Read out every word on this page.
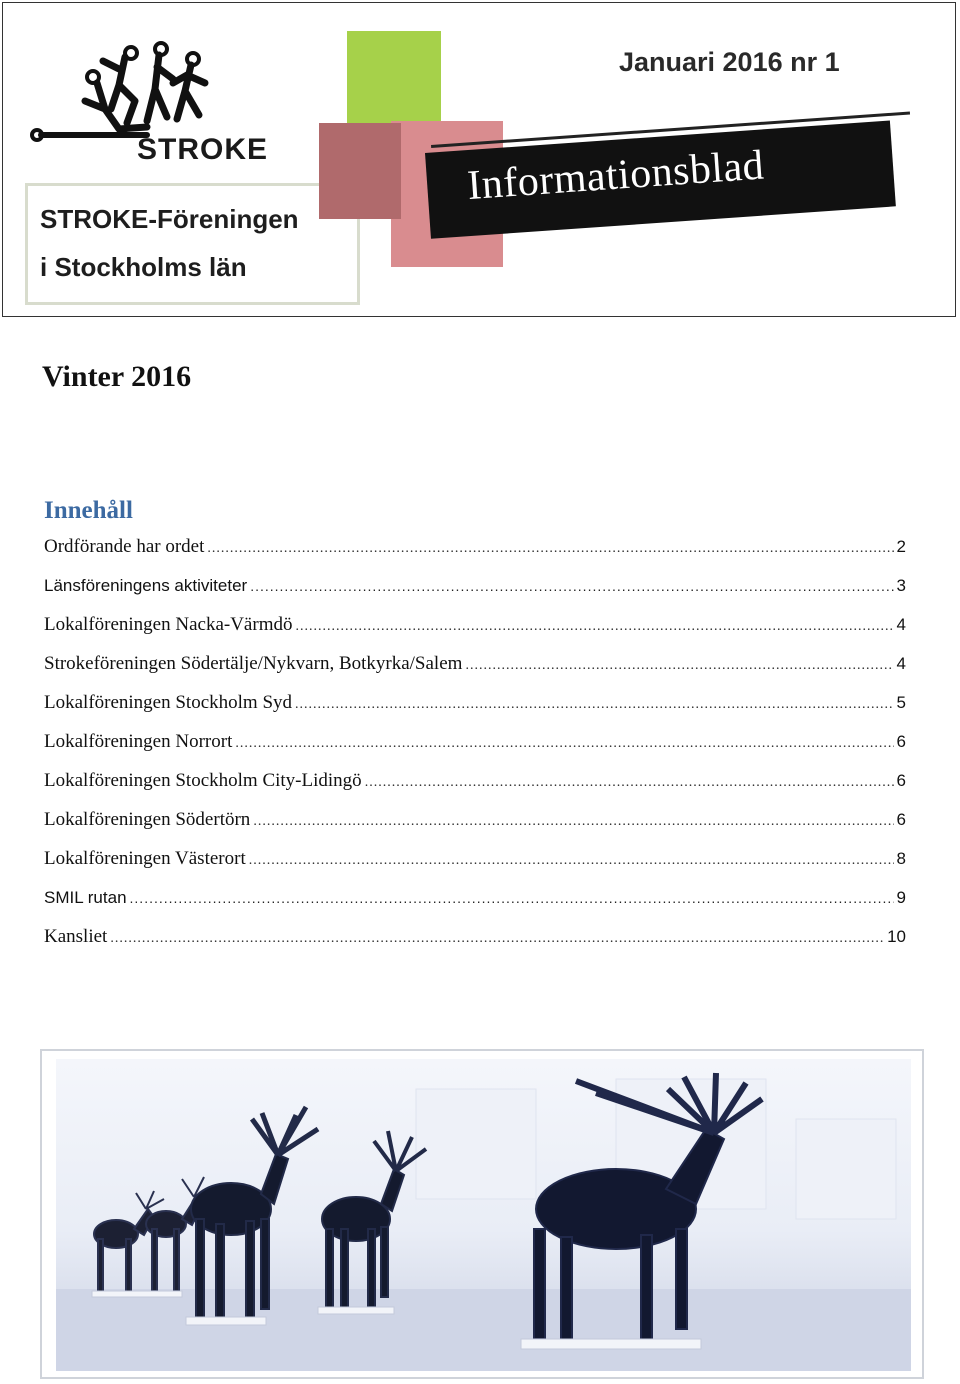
STROKE
STROKE-Föreningen
i Stockholms län
Informationsblad
Januari 2016 nr 1
Vinter 2016
Innehåll
Ordförande har ordet .....	2
Länsföreningens aktiviteter .....	3
Lokalföreningen Nacka-Värmdö .....	4
Strokeföreningen Södertälje/Nykvarn, Botkyrka/Salem .....	4
Lokalföreningen Stockholm Syd .....	5
Lokalföreningen Norrort .....	6
Lokalföreningen Stockholm City-Lidingö .....	6
Lokalföreningen Södertörn .....	6
Lokalföreningen Västerort .....	8
SMIL rutan .....	9
Kansliet .....	10
